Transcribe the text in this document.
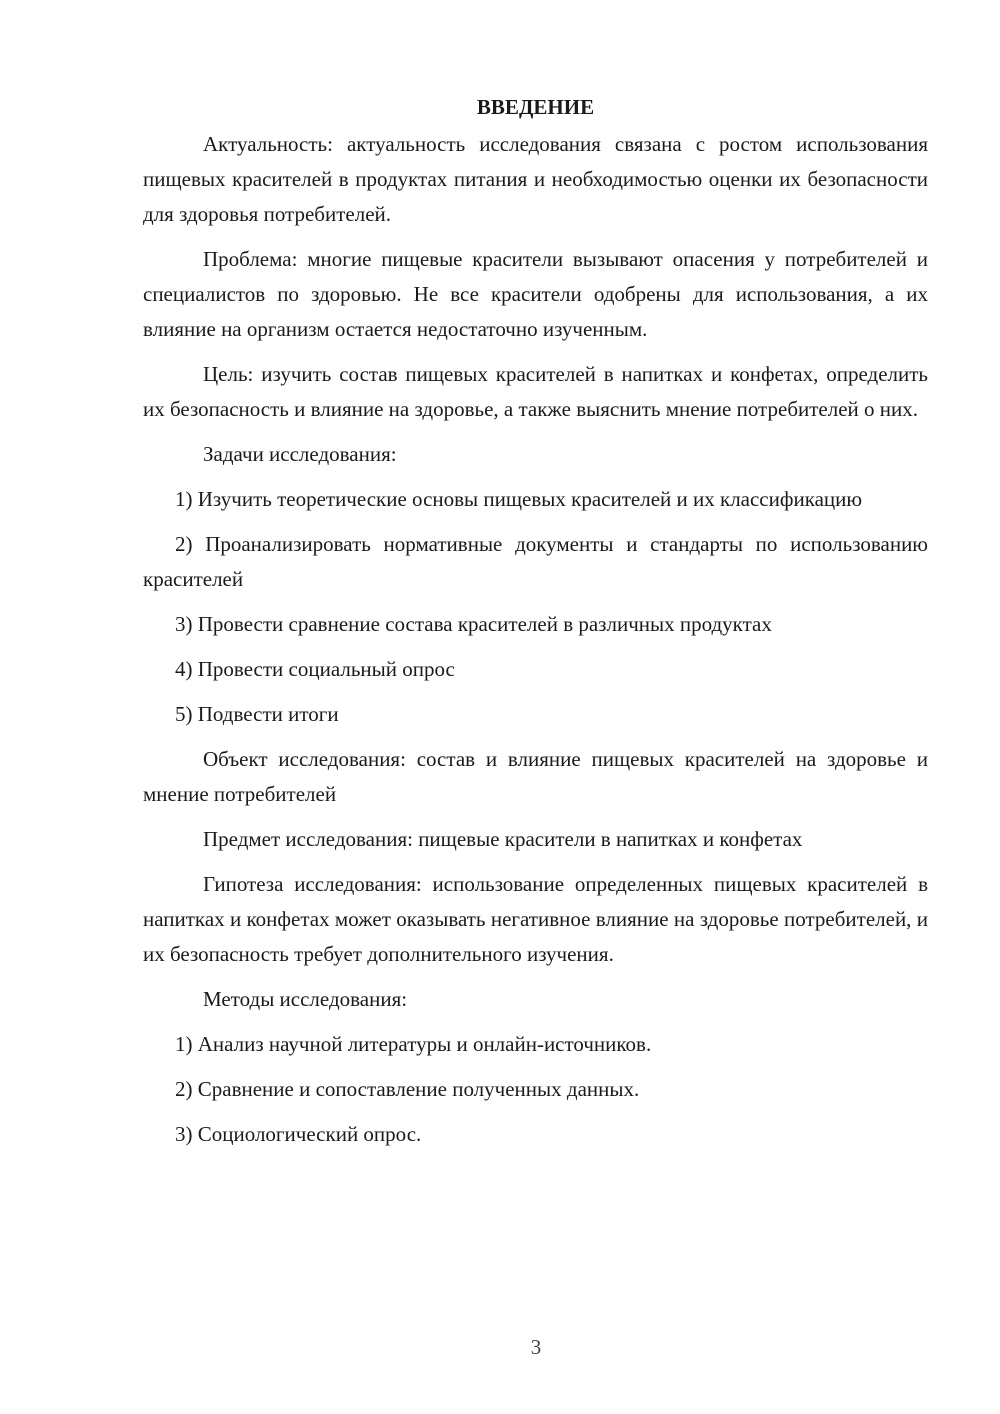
ВВЕДЕНИЕ

Актуальность: актуальность исследования связана с ростом использования пищевых красителей в продуктах питания и необходимостью оценки их безопасности для здоровья потребителей.

Проблема: многие пищевые красители вызывают опасения у потребителей и специалистов по здоровью. Не все красители одобрены для использования, а их влияние на организм остается недостаточно изученным.

Цель: изучить состав пищевых красителей в напитках и конфетах, определить их безопасность и влияние на здоровье, а также выяснить мнение потребителей о них.

Задачи исследования:

1) Изучить теоретические основы пищевых красителей и их классификацию

2) Проанализировать нормативные документы и стандарты по использованию красителей

3) Провести сравнение состава красителей в различных продуктах

4) Провести социальный опрос

5) Подвести итоги

Объект исследования: состав и влияние пищевых красителей на здоровье и мнение потребителей

Предмет исследования: пищевые красители в напитках и конфетах

Гипотеза исследования: использование определенных пищевых красителей в напитках и конфетах может оказывать негативное влияние на здоровье потребителей, и их безопасность требует дополнительного изучения.

Методы исследования:

1) Анализ научной литературы и онлайн-источников.

2) Сравнение и сопоставление полученных данных.

3) Социологический опрос.

3
